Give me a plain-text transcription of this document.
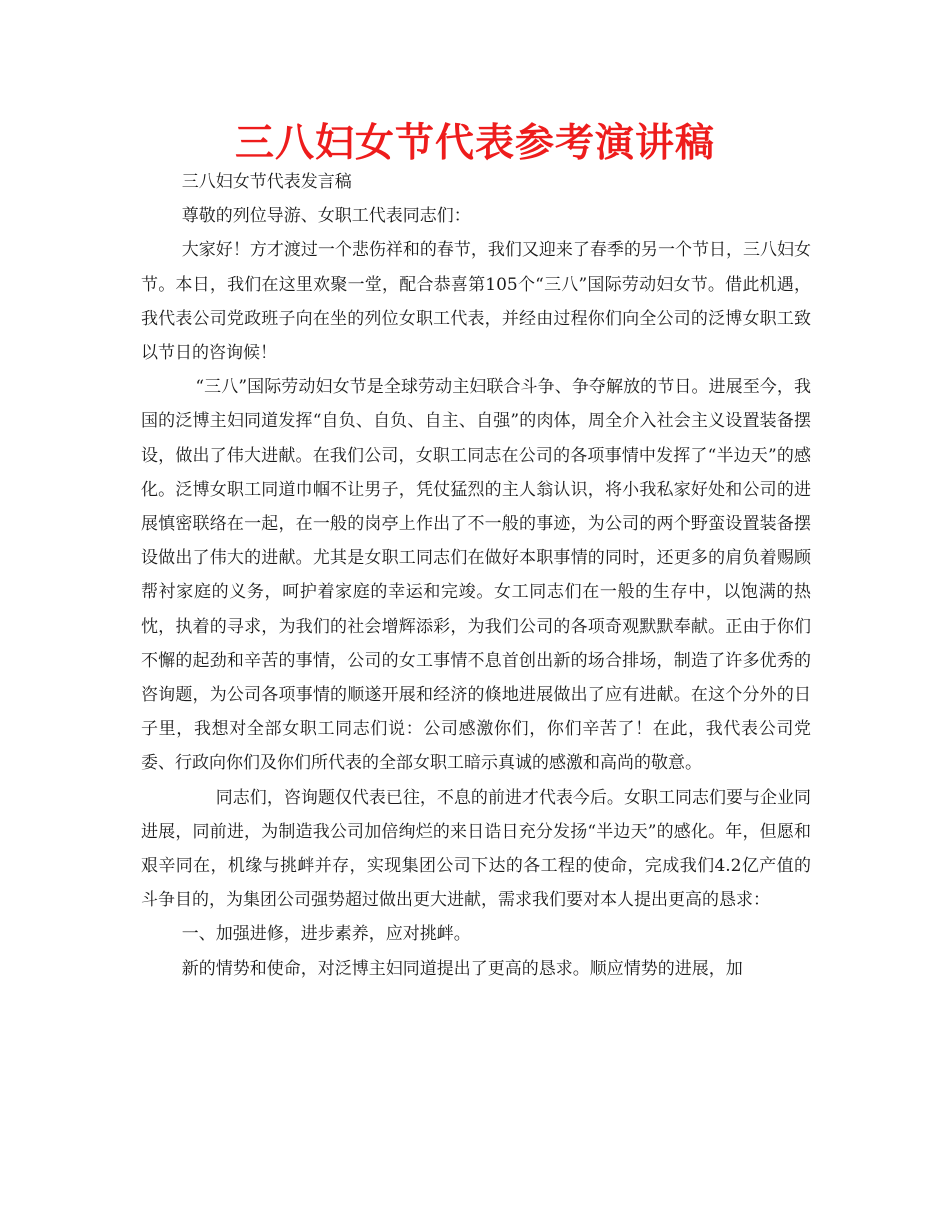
三八妇女节代表参考演讲稿

三八妇女节代表发言稿

尊敬的列位导游、女职工代表同志们：

大家好！方才渡过一个悲伤祥和的春节，我们又迎来了春季的另一个节日，三八妇女节。本日，我们在这里欢聚一堂，配合恭喜第105个“三八”国际劳动妇女节。借此机遇，我代表公司党政班子向在坐的列位女职工代表，并经由过程你们向全公司的泛博女职工致以节日的咨询候！

“三八”国际劳动妇女节是全球劳动主妇联合斗争、争夺解放的节日。进展至今，我国的泛博主妇同道发挥“自负、自负、自主、自强”的肉体，周全介入社会主义设置装备摆设，做出了伟大进献。在我们公司，女职工同志在公司的各项事情中发挥了“半边天”的感化。泛博女职工同道巾帼不让男子，凭仗猛烈的主人翁认识，将小我私家好处和公司的进展慎密联络在一起，在一般的岗亭上作出了不一般的事迹，为公司的两个野蛮设置装备摆设做出了伟大的进献。尤其是女职工同志们在做好本职事情的同时，还更多的肩负着赐顾帮衬家庭的义务，呵护着家庭的幸运和完竣。女工同志们在一般的生存中，以饱满的热忱，执着的寻求，为我们的社会增辉添彩，为我们公司的各项奇观默默奉献。正由于你们不懈的起劲和辛苦的事情，公司的女工事情不息首创出新的场合排场，制造了许多优秀的咨询题，为公司各项事情的顺遂开展和经济的倏地进展做出了应有进献。在这个分外的日子里，我想对全部女职工同志们说：公司感激你们，你们辛苦了！在此，我代表公司党委、行政向你们及你们所代表的全部女职工暗示真诚的感激和高尚的敬意。

同志们，咨询题仅代表已往，不息的前进才代表今后。女职工同志们要与企业同进展，同前进，为制造我公司加倍绚烂的来日诰日充分发扬“半边天”的感化。年，但愿和艰辛同在，机缘与挑衅并存，实现集团公司下达的各工程的使命，完成我们4.2亿产值的斗争目的，为集团公司强势超过做出更大进献，需求我们要对本人提出更高的恳求：

一、加强进修，进步素养，应对挑衅。

新的情势和使命，对泛博主妇同道提出了更高的恳求。顺应情势的进展，加
